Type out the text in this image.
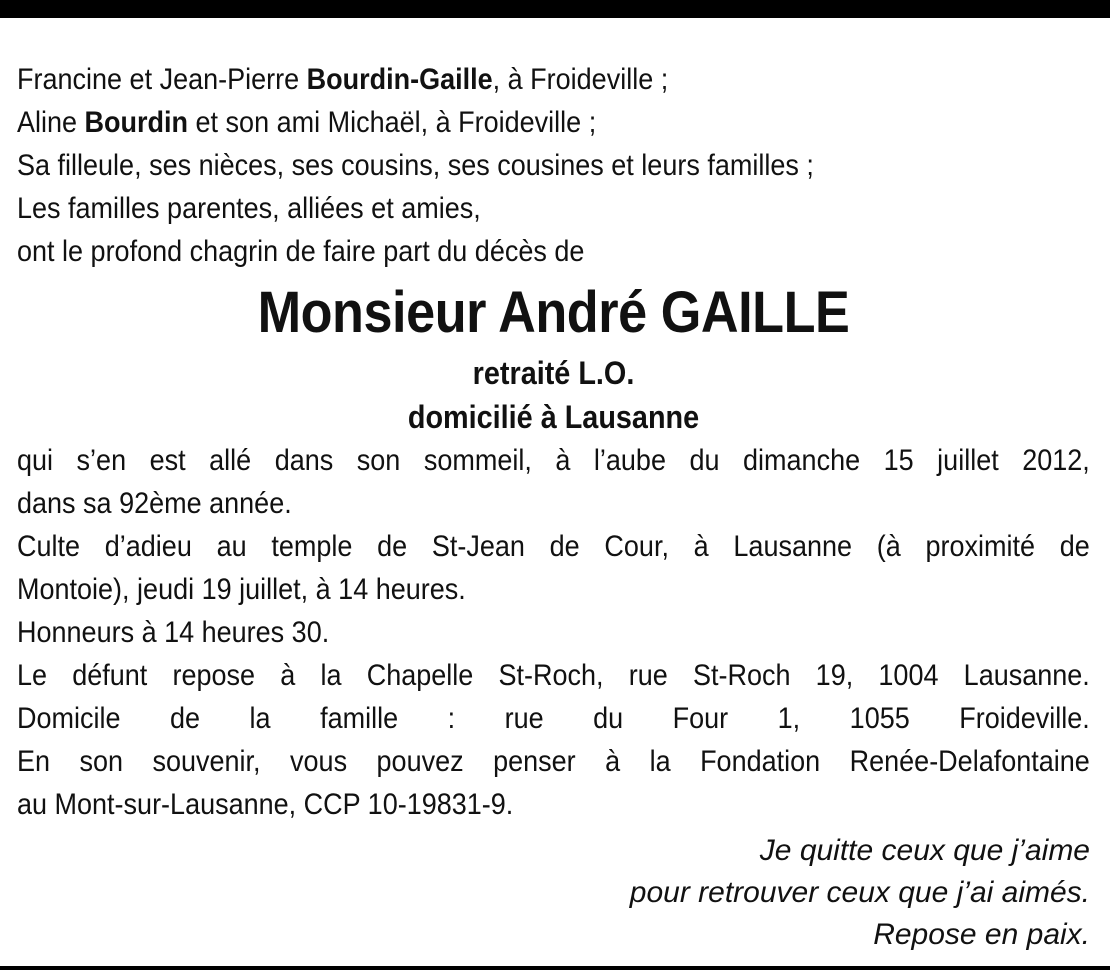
Francine et Jean-Pierre Bourdin-Gaille, à Froideville ;
Aline Bourdin et son ami Michaël, à Froideville ;
Sa filleule, ses nièces, ses cousins, ses cousines et leurs familles ;
Les familles parentes, alliées et amies,
ont le profond chagrin de faire part du décès de
Monsieur André GAILLE
retraité L.O.
domicilié à Lausanne
qui s’en est allé dans son sommeil, à l’aube du dimanche 15 juillet 2012,
dans sa 92ème année.
Culte d’adieu au temple de St-Jean de Cour, à Lausanne (à proximité de
Montoie), jeudi 19 juillet, à 14 heures.
Honneurs à 14 heures 30.
Le défunt repose à la Chapelle St-Roch, rue St-Roch 19, 1004 Lausanne.
Domicile de la famille : rue du Four 1, 1055 Froideville.
En son souvenir, vous pouvez penser à la Fondation Renée-Delafontaine
au Mont-sur-Lausanne, CCP 10-19831-9.
Je quitte ceux que j’aime
pour retrouver ceux que j’ai aimés.
Repose en paix.
